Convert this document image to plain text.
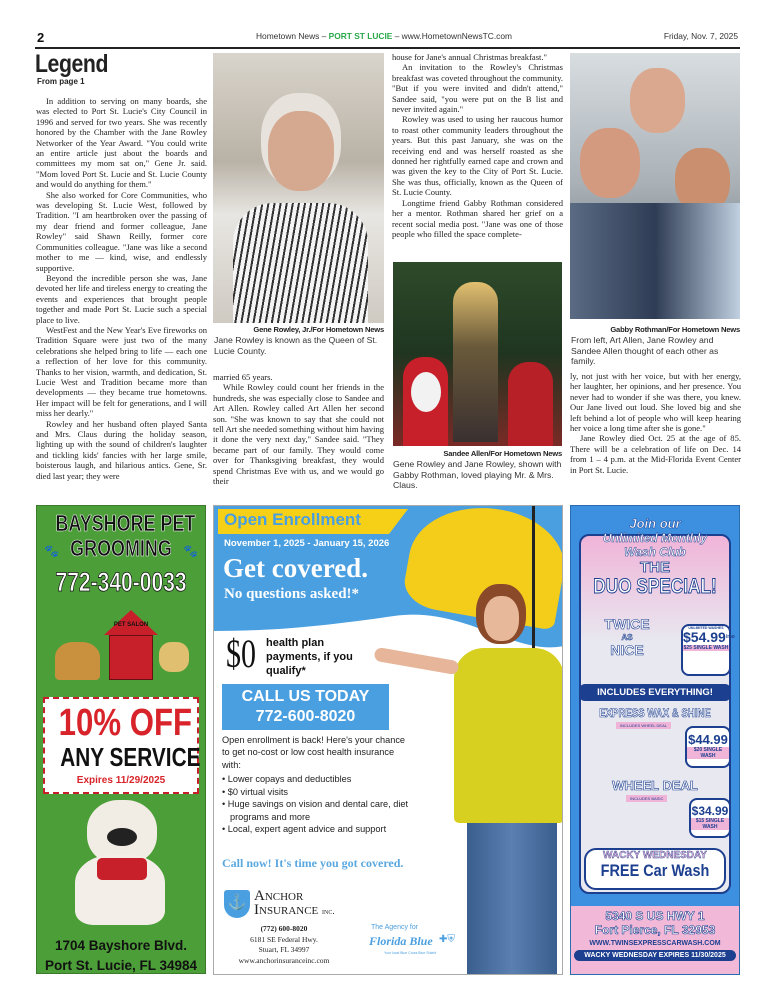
2	Hometown News – PORT ST LUCIE – www.HometownNewsTC.com	Friday, Nov. 7, 2025
Legend
From page 1

In addition to serving on many boards, she was elected to Port St. Lucie's City Council in 1996 and served for two years. She was recently honored by the Chamber with the Jane Rowley Networker of the Year Award. "You could write an entire article just about the boards and committees my mom sat on," Gene Jr. said. "Mom loved Port St. Lucie and St. Lucie County and would do anything for them."

She also worked for Core Communities, who was developing St. Lucie West, followed by Tradition. "I am heartbroken over the passing of my dear friend and former colleague, Jane Rowley" said Shawn Reilly, former core Communities colleague. "Jane was like a second mother to me — kind, wise, and endlessly supportive.

Beyond the incredible person she was, Jane devoted her life and tireless energy to creating the events and experiences that brought people together and made Port St. Lucie such a special place to live.

WestFest and the New Year's Eve fireworks on Tradition Square were just two of the many celebrations she helped bring to life — each one a reflection of her love for this community. Thanks to her vision, warmth, and dedication, St. Lucie West and Tradition became more than developments — they became true hometowns. Her impact will be felt for generations, and I will miss her dearly."

Rowley and her husband often played Santa and Mrs. Claus during the holiday season, lighting up with the sound of children's laughter and tickling kids' fancies with her large smile, boisterous laugh, and hilarious antics. Gene, Sr. died last year; they were

Gene Rowley, Jr./For Hometown News
Jane Rowley is known as the Queen of St. Lucie County.

married 65 years.

While Rowley could count her friends in the hundreds, she was especially close to Sandee and Art Allen. Rowley called Art Allen her second son. "She was known to say that she could not tell Art she needed something without him having it done the very next day," Sandee said. "They became part of our family. They would come over for Thanksgiving breakfast, they would spend Christmas Eve with us, and we would go their

house for Jane's annual Christmas breakfast."

An invitation to the Rowley's Christmas breakfast was coveted throughout the community. "But if you were invited and didn't attend," Sandee said, "you were put on the B list and never invited again."

Rowley was used to using her raucous humor to roast other community leaders throughout the years. But this past January, she was on the receiving end and was herself roasted as she donned her rightfully earned cape and crown and was given the key to the City of Port St. Lucie. She was thus, officially, known as the Queen of St. Lucie County.

Longtime friend Gabby Rothman considered her a mentor. Rothman shared her grief on a recent social media post. "Jane was one of those people who filled the space complete-

Sandee Allen/For Hometown News
Gene Rowley and Jane Rowley, shown with Gabby Rothman, loved playing Mr. & Mrs. Claus.
Gabby Rothman/For Hometown News
From left, Art Allen, Jane Rowley and Sandee Allen thought of each other as family.

ly, not just with her voice, but with her energy, her laughter, her opinions, and her presence. You never had to wonder if she was there, you knew. Our Jane lived out loud. She loved big and she left behind a lot of people who will keep hearing her voice a long time after she is gone."

Jane Rowley died Oct. 25 at the age of 85. There will be a celebration of life on Dec. 14 from 1 – 4 p.m. at the Mid-Florida Event Center in Port St. Lucie.

BAYSHORE PET
GROOMING
🐾	🐾
772-340-0033
PET SALON
10% OFF
ANY SERVICE
Expires 11/29/2025
1704 Bayshore Blvd.
Port St. Lucie, FL 34984
Open Enrollment
November 1, 2025 - January 15, 2026
Get covered.
No questions asked!*
$0 health plan payments, if you qualify*
CALL US TODAY
772-600-8020
Open enrollment is back! Here's your chance to get no-cost or low cost health insurance with:
• Lower copays and deductibles
• $0 virtual visits
• Huge savings on vision and dental care, diet programs and more
• Local, expert agent advice and support
Call now! It's time you got covered.
⚓ Anchor
Insurance inc.
(772) 600-8020
6181 SE Federal Hwy.
Stuart, FL 34997
www.anchorinsuranceinc.com
The Agency for
Florida Blue ✚⛨
Your local Blue Cross Blue Shield
Join our
Unlimited Monthly
Wash Club
THE
DUO SPECIAL!
TWICE
AS
NICE
UNLIMITED WASHES
$54.99/mo
$25 SINGLE WASH
INCLUDES EVERYTHING!
EXPRESS WAX & SHINE
INCLUDES WHEEL DEAL
$44.99
$20 SINGLE WASH
WHEEL DEAL
INCLUDES BASIC
$34.99
$15 SINGLE WASH
WACKY WEDNESDAY
FREE Car Wash
5340 S US HWY 1
Fort Pierce, FL 32953
WWW.TWINSEXPRESSCARWASH.COM
WACKY WEDNESDAY EXPIRES 11/30/2025
